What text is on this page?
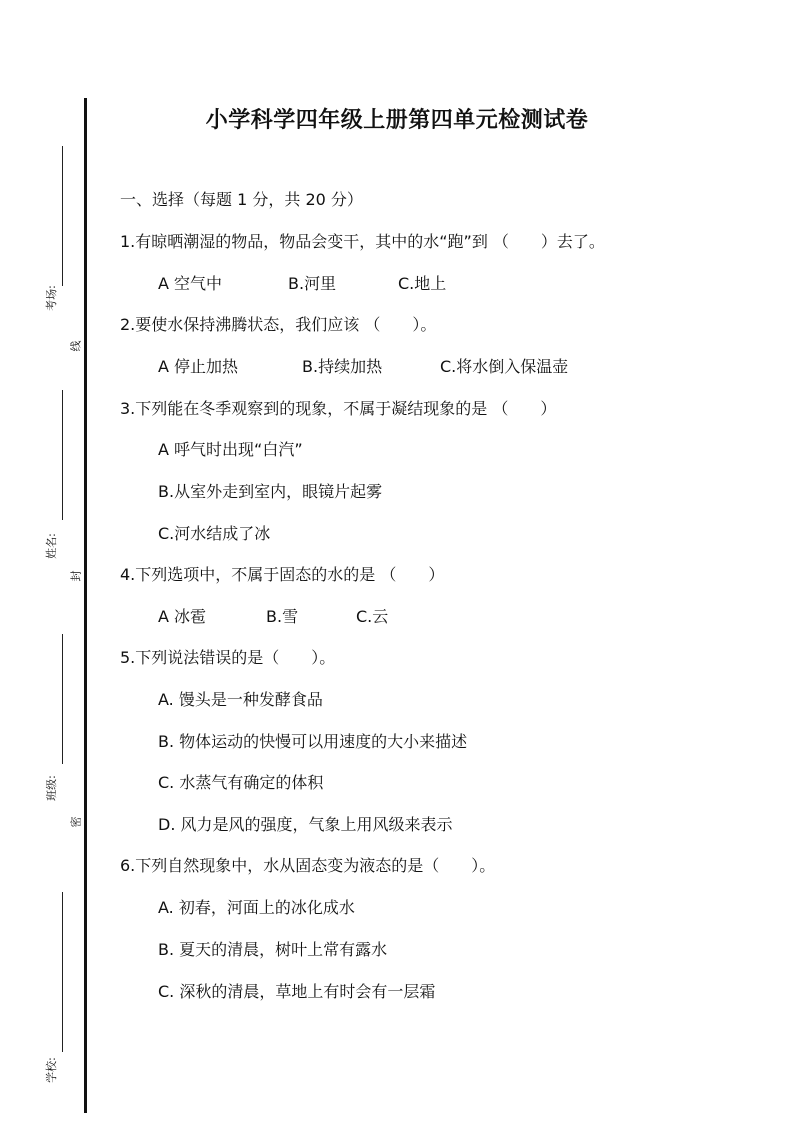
考场:
线
姓名:
封
班级:
密
学校:
小学科学四年级上册第四单元检测试卷
一、选择（每题 1 分，共 20 分）
1.有晾晒潮湿的物品，物品会变干，其中的水“跑”到 （　　）去了。
A 空气中	B.河里	C.地上
2.要使水保持沸腾状态，我们应该 （　　）。
A 停止加热	B.持续加热	C.将水倒入保温壶
3.下列能在冬季观察到的现象，不属于凝结现象的是 （　　）
A 呼气时出现“白汽”
B.从室外走到室内，眼镜片起雾
C.河水结成了冰
4.下列选项中，不属于固态的水的是 （　　）
A 冰雹	B.雪	C.云
5.下列说法错误的是（　　）。
A. 馒头是一种发酵食品
B. 物体运动的快慢可以用速度的大小来描述
C. 水蒸气有确定的体积
D. 风力是风的强度，气象上用风级来表示
6.下列自然现象中，水从固态变为液态的是（　　）。
A. 初春，河面上的冰化成水
B. 夏天的清晨，树叶上常有露水
C. 深秋的清晨，草地上有时会有一层霜
